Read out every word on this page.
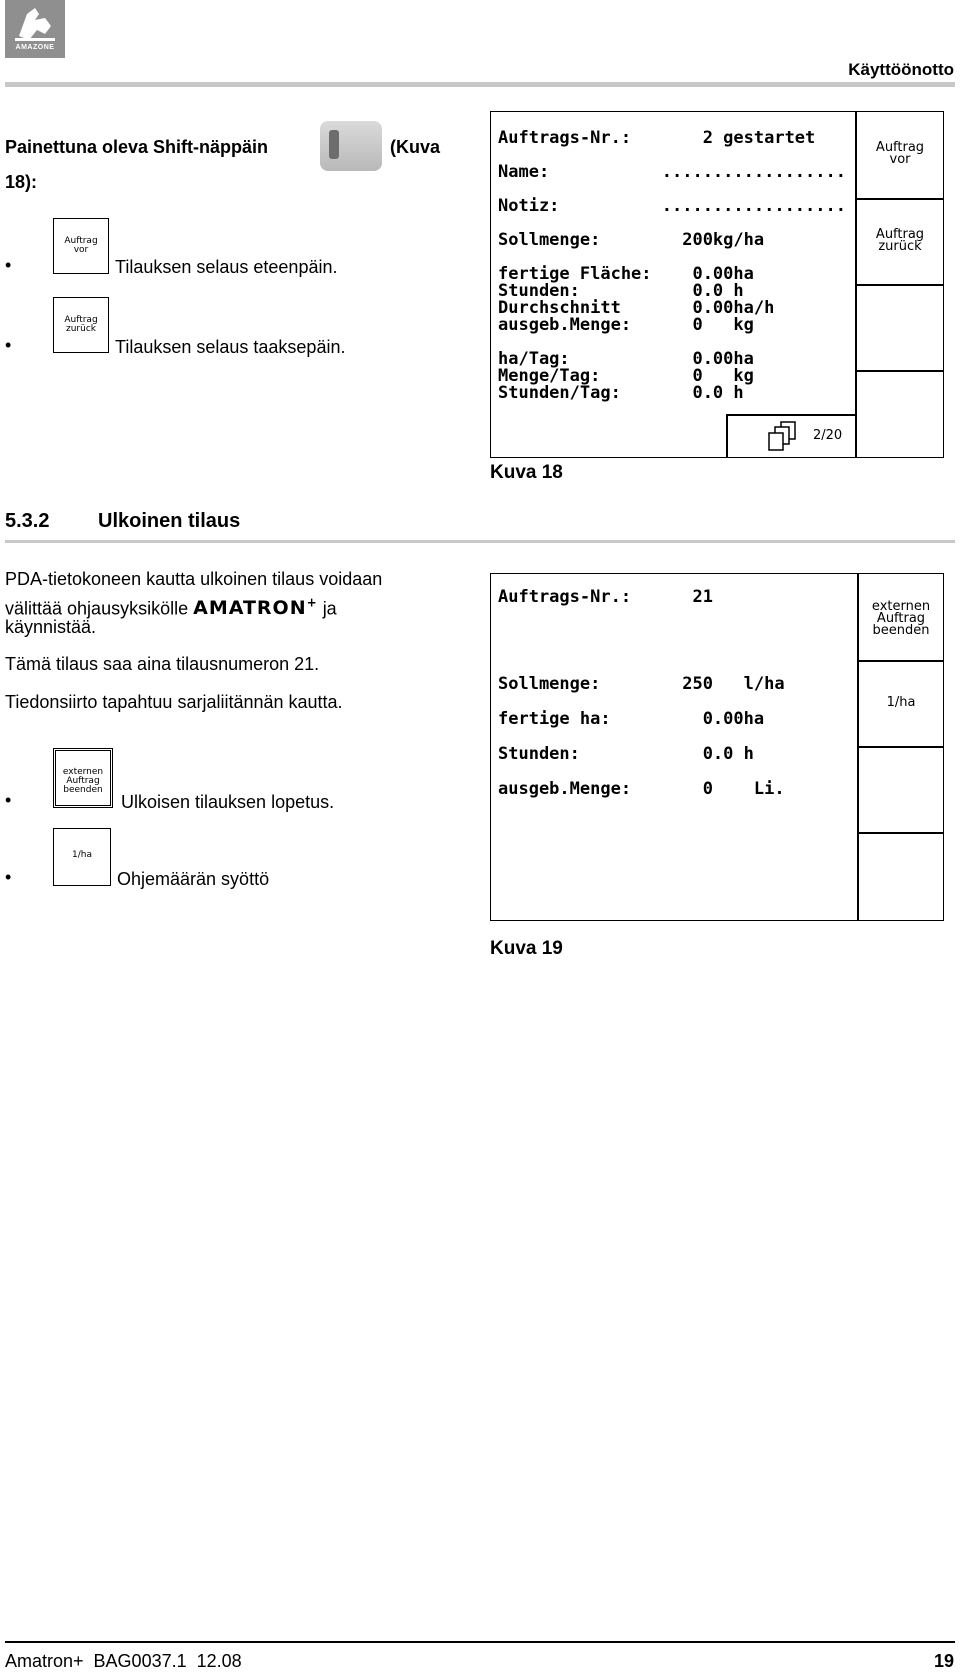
AMAZONE
Käyttöönotto
Painettuna oleva Shift-näppäin	(Kuva
18):
•
Auftrag
vor
Tilauksen selaus eteenpäin.
•
Auftrag
zurück
Tilauksen selaus taaksepäin.
Auftrags-Nr.:       2 gestartet
Name:           ..................
Notiz:          ..................
Sollmenge:        200kg/ha
fertige Fläche:    0.00ha
Stunden:           0.0 h
Durchschnitt       0.00ha/h
ausgeb.Menge:      0   kg
ha/Tag:            0.00ha
Menge/Tag:         0   kg
Stunden/Tag:       0.0 h
Auftrag
vor
Auftrag
zurück
2/20
Kuva 18
5.3.2 Ulkoinen tilaus
PDA-tietokoneen kautta ulkoinen tilaus voidaan
välittää ohjausyksikölle AMATRON+ ja
käynnistää.
Tämä tilaus saa aina tilausnumeron 21.
Tiedonsiirto tapahtuu sarjaliitännän kautta.
•
externen
Auftrag
beenden
Ulkoisen tilauksen lopetus.
•
1/ha
Ohjemäärän syöttö
Auftrags-Nr.:      21
Sollmenge:        250   l/ha
fertige ha:         0.00ha
Stunden:            0.0 h
ausgeb.Menge:       0    Li.
externen
Auftrag
beenden
1/ha
Kuva 19
Amatron+  BAG0037.1  12.08	19
